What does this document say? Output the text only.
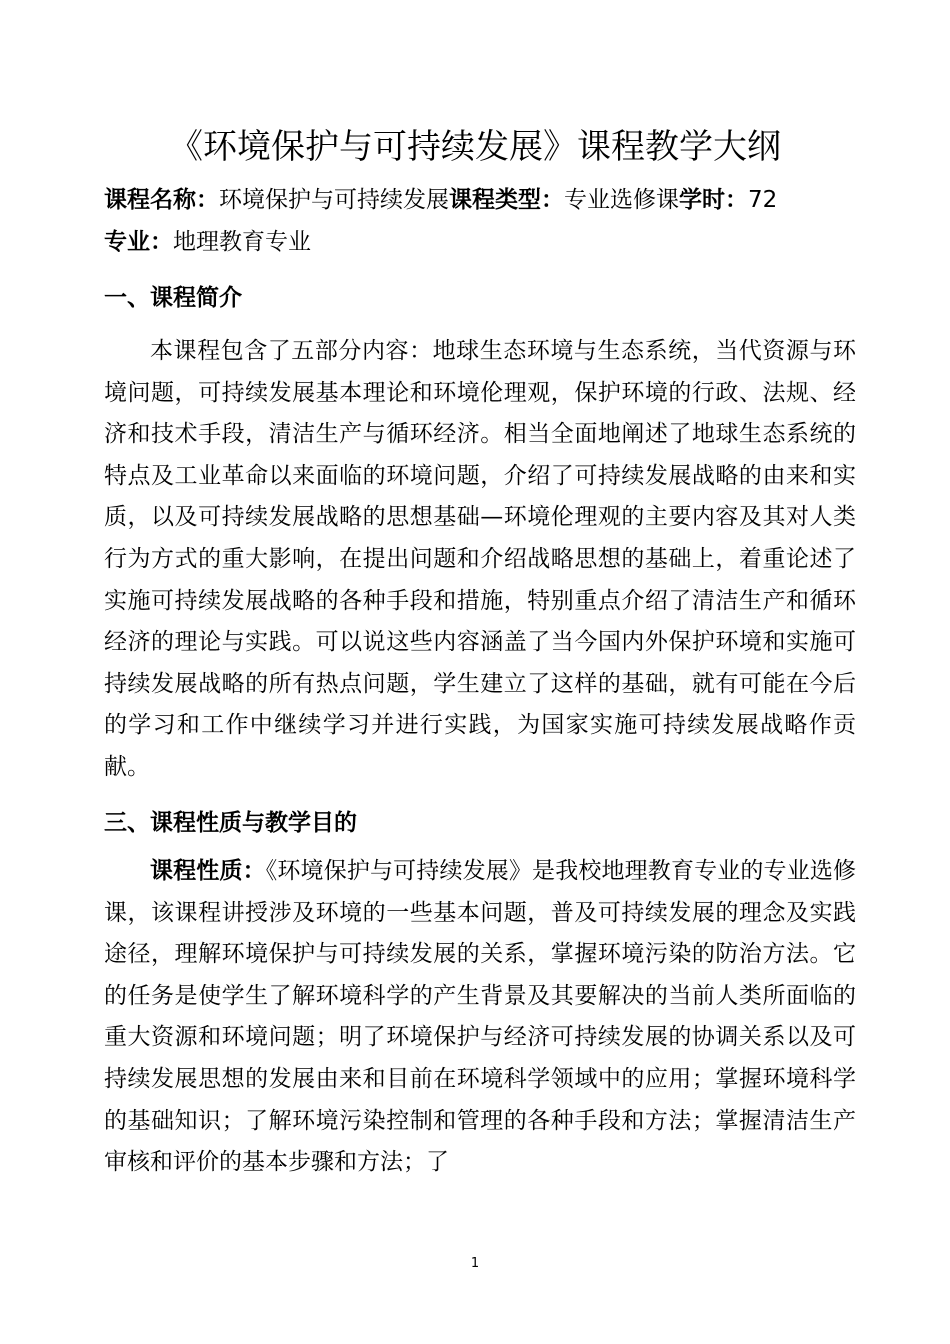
《环境保护与可持续发展》课程教学大纲
课程名称：环境保护与可持续发展课程类型：专业选修课学时：72
专业：地理教育专业
一、课程简介

本课程包含了五部分内容：地球生态环境与生态系统，当代资源与环境问题，可持续发展基本理论和环境伦理观，保护环境的行政、法规、经济和技术手段，清洁生产与循环经济。相当全面地阐述了地球生态系统的特点及工业革命以来面临的环境问题，介绍了可持续发展战略的由来和实质，以及可持续发展战略的思想基础—环境伦理观的主要内容及其对人类行为方式的重大影响，在提出问题和介绍战略思想的基础上，着重论述了实施可持续发展战略的各种手段和措施，特别重点介绍了清洁生产和循环经济的理论与实践。可以说这些内容涵盖了当今国内外保护环境和实施可持续发展战略的所有热点问题，学生建立了这样的基础，就有可能在今后的学习和工作中继续学习并进行实践，为国家实施可持续发展战略作贡献。

三、课程性质与教学目的

课程性质：《环境保护与可持续发展》是我校地理教育专业的专业选修课，该课程讲授涉及环境的一些基本问题，普及可持续发展的理念及实践途径，理解环境保护与可持续发展的关系，掌握环境污染的防治方法。它的任务是使学生了解环境科学的产生背景及其要解决的当前人类所面临的重大资源和环境问题；明了环境保护与经济可持续发展的协调关系以及可持续发展思想的发展由来和目前在环境科学领域中的应用；掌握环境科学的基础知识；了解环境污染控制和管理的各种手段和方法；掌握清洁生产审核和评价的基本步骤和方法；了

1
